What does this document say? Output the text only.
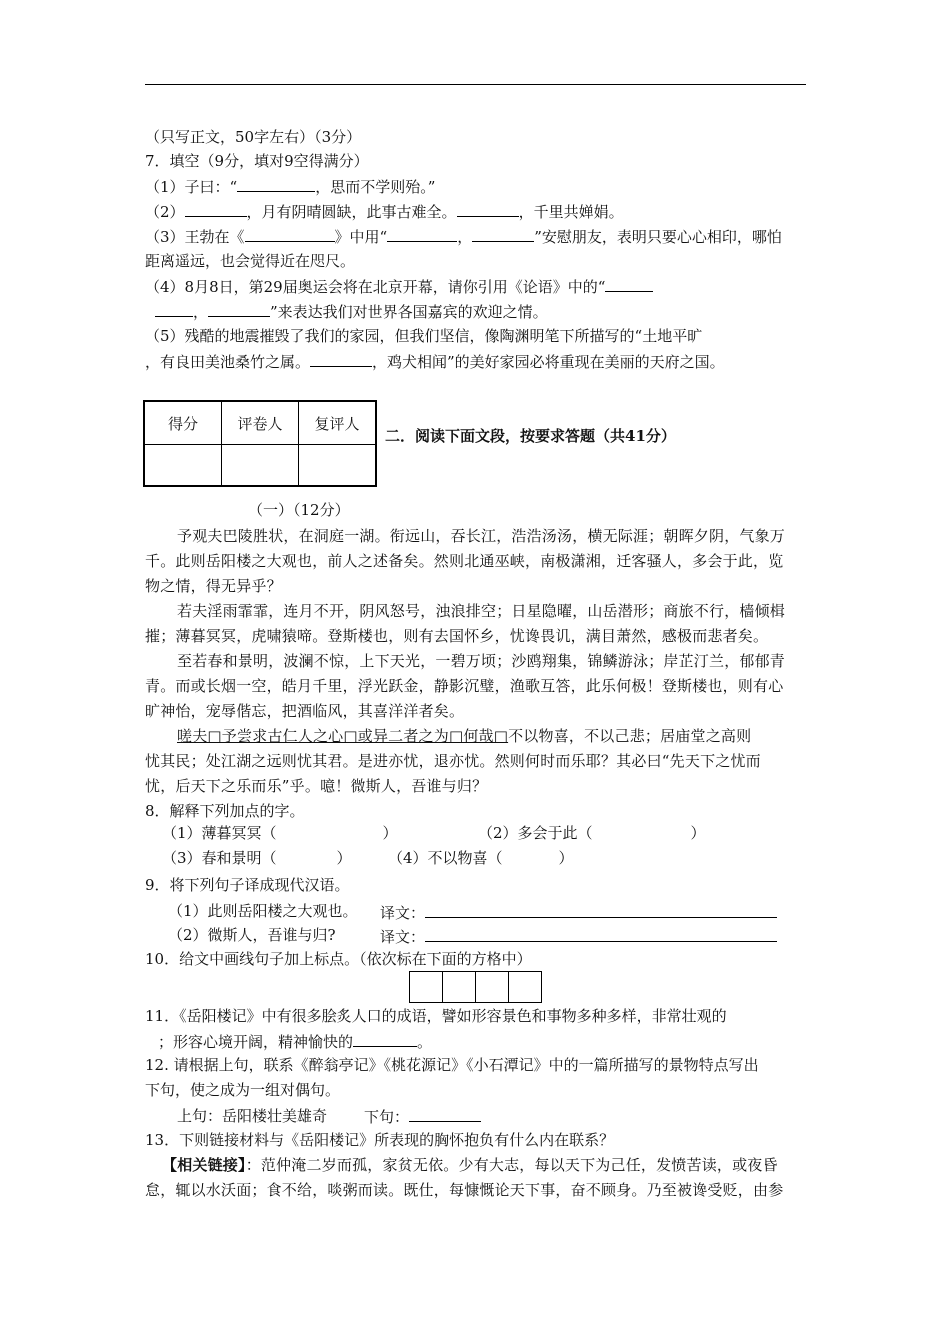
（只写正文，50字左右）（3分）
7．填空（9分，填对9空得满分）
（1）子曰：“	，思而不学则殆。”
（2）	，月有阴晴圆缺，此事古难全。	，千里共婵娟。
（3）王勃在《	》中用“	，	”安慰朋友，表明只要心心相印，哪怕
距离遥远，也会觉得近在咫尺。
（4）8月8日，第29届奥运会将在北京开幕，请你引用《论语》中的“
，	”来表达我们对世界各国嘉宾的欢迎之情。
（5）残酷的地震摧毁了我们的家园，但我们坚信，像陶渊明笔下所描写的“土地平旷
，有良田美池桑竹之属。	，鸡犬相闻”的美好家园必将重现在美丽的天府之国。
得分	评卷人	复评人

二．阅读下面文段，按要求答题（共41分）
（一）（12分）
予观夫巴陵胜状，在洞庭一湖。衔远山，吞长江，浩浩汤汤，横无际涯；朝晖夕阴，气象万
千。此则岳阳楼之大观也，前人之述备矣。然则北通巫峡，南极潇湘，迁客骚人，多会于此，览
物之情，得无异乎？
若夫淫雨霏霏，连月不开，阴风怒号，浊浪排空；日星隐曜，山岳潜形；商旅不行，樯倾楫
摧；薄暮冥冥，虎啸猿啼。登斯楼也，则有去国怀乡，忧谗畏讥，满目萧然，感极而悲者矣。
至若春和景明，波澜不惊，上下天光，一碧万顷；沙鸥翔集，锦鳞游泳；岸芷汀兰，郁郁青
青。而或长烟一空，皓月千里，浮光跃金，静影沉璧，渔歌互答，此乐何极！登斯楼也，则有心
旷神怡，宠辱偕忘，把酒临风，其喜洋洋者矣。
嗟夫□予尝求古仁人之心□或异二者之为□何哉□不以物喜，不以己悲；居庙堂之高则
忧其民；处江湖之远则忧其君。是进亦忧，退亦忧。然则何时而乐耶？其必曰“先天下之忧而
忧，后天下之乐而乐”乎。噫！微斯人，吾谁与归？
8．解释下列加点的字。
（1）薄暮冥冥（	）	（2）多会于此（	）
（3）春和景明（	） （4）不以物喜（	）
9．将下列句子译成现代汉语。
（1）此则岳阳楼之大观也。 译文：
（2）微斯人，吾谁与归?	译文：
10．给文中画线句子加上标点。（依次标在下面的方格中）
11．《岳阳楼记》中有很多脍炙人口的成语，譬如形容景色和事物多种多样，非常壮观的
；形容心境开阔，精神愉快的	。
12. 请根据上句，联系《醉翁亭记》《桃花源记》《小石潭记》中的一篇所描写的景物特点写出
下句，使之成为一组对偶句。
上句：岳阳楼壮美雄奇 下句：
13．下则链接材料与《岳阳楼记》所表现的胸怀抱负有什么内在联系？
【相关链接】：范仲淹二岁而孤，家贫无依。少有大志，每以天下为己任，发愤苦读，或夜昏
怠，辄以水沃面；食不给，啖粥而读。既仕，每慷慨论天下事，奋不顾身。乃至被谗受贬，由参
